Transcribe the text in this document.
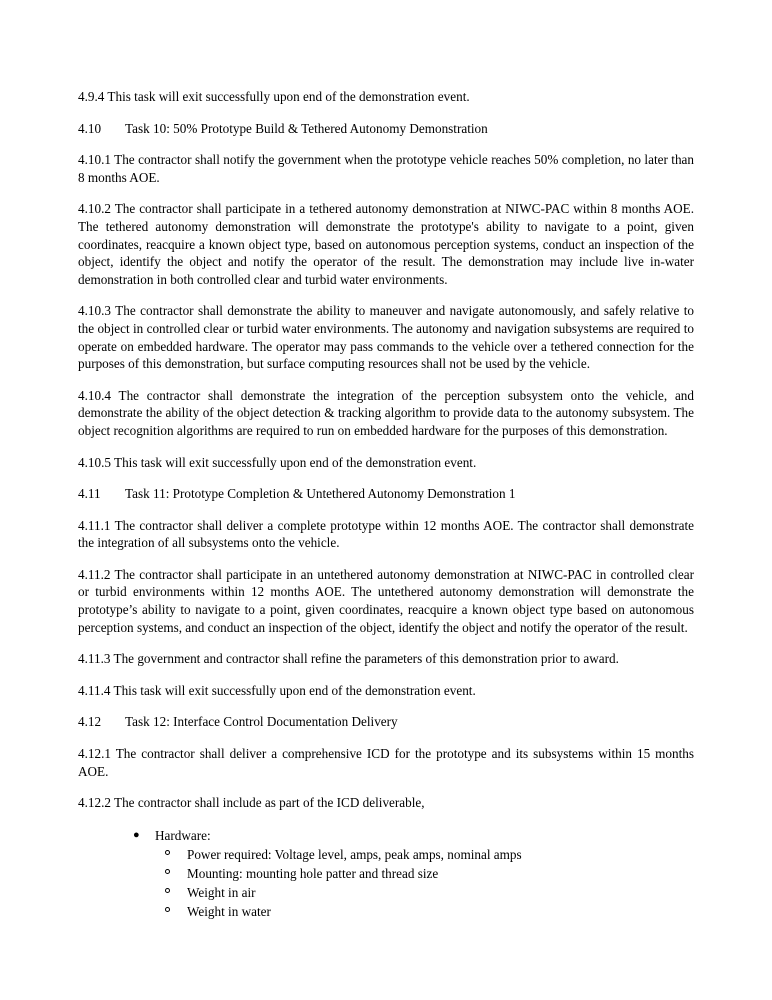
4.9.4 This task will exit successfully upon end of the demonstration event.

4.10	Task 10: 50% Prototype Build & Tethered Autonomy Demonstration

4.10.1 The contractor shall notify the government when the prototype vehicle reaches 50% completion, no later than 8 months AOE.

4.10.2 The contractor shall participate in a tethered autonomy demonstration at NIWC-PAC within 8 months AOE. The tethered autonomy demonstration will demonstrate the prototype's ability to navigate to a point, given coordinates, reacquire a known object type, based on autonomous perception systems, conduct an inspection of the object, identify the object and notify the operator of the result. The demonstration may include live in-water demonstration in both controlled clear and turbid water environments.

4.10.3 The contractor shall demonstrate the ability to maneuver and navigate autonomously, and safely relative to the object in controlled clear or turbid water environments. The autonomy and navigation subsystems are required to operate on embedded hardware. The operator may pass commands to the vehicle over a tethered connection for the purposes of this demonstration, but surface computing resources shall not be used by the vehicle.

4.10.4 The contractor shall demonstrate the integration of the perception subsystem onto the vehicle, and demonstrate the ability of the object detection & tracking algorithm to provide data to the autonomy subsystem. The object recognition algorithms are required to run on embedded hardware for the purposes of this demonstration.

4.10.5 This task will exit successfully upon end of the demonstration event.

4.11	Task 11: Prototype Completion & Untethered Autonomy Demonstration 1

4.11.1 The contractor shall deliver a complete prototype within 12 months AOE. The contractor shall demonstrate the integration of all subsystems onto the vehicle.

4.11.2 The contractor shall participate in an untethered autonomy demonstration at NIWC-PAC in controlled clear or turbid environments within 12 months AOE. The untethered autonomy demonstration will demonstrate the prototype’s ability to navigate to a point, given coordinates, reacquire a known object type based on autonomous perception systems, and conduct an inspection of the object, identify the object and notify the operator of the result.

4.11.3 The government and contractor shall refine the parameters of this demonstration prior to award.

4.11.4 This task will exit successfully upon end of the demonstration event.

4.12	Task 12: Interface Control Documentation Delivery

4.12.1 The contractor shall deliver a comprehensive ICD for the prototype and its subsystems within 15 months AOE.

4.12.2 The contractor shall include as part of the ICD deliverable,

● Hardware:
Power required: Voltage level, amps, peak amps, nominal amps
Mounting: mounting hole patter and thread size
Weight in air
Weight in water
